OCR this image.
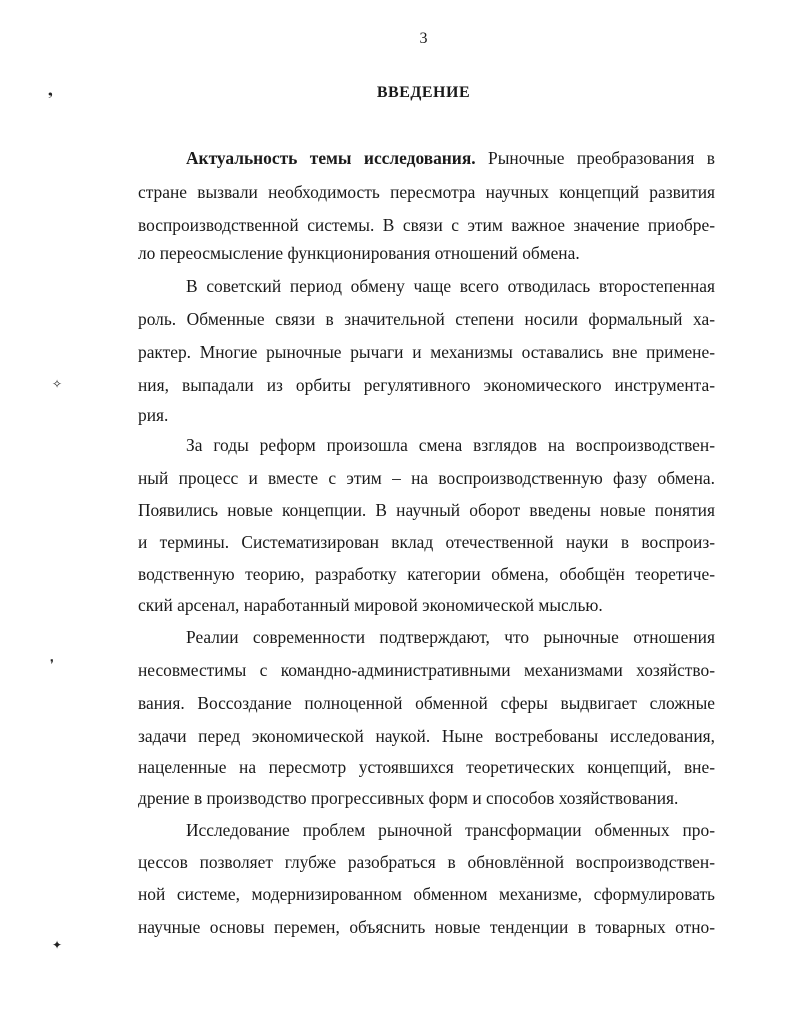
3
ВВЕДЕНИЕ
❟
✧
❜
✦
Актуальность темы исследования. Рыночные преобразования в
стране вызвали необходимость пересмотра научных концепций развития
воспроизводственной системы. В связи с этим важное значение приобре-
ло переосмысление функционирования отношений обмена.
В советский период обмену чаще всего отводилась второстепенная
роль. Обменные связи в значительной степени носили формальный ха-
рактер. Многие рыночные рычаги и механизмы оставались вне примене-
ния, выпадали из орбиты регулятивного экономического инструмента-
рия.
За годы реформ произошла смена взглядов на воспроизводствен-
ный процесс и вместе с этим – на воспроизводственную фазу обмена.
Появились новые концепции. В научный оборот введены новые понятия
и термины. Систематизирован вклад отечественной науки в воспроиз-
водственную теорию, разработку категории обмена, обобщён теоретиче-
ский арсенал, наработанный мировой экономической мыслью.
Реалии современности подтверждают, что рыночные отношения
несовместимы с командно-административными механизмами хозяйство-
вания. Воссоздание полноценной обменной сферы выдвигает сложные
задачи перед экономической наукой. Ныне востребованы исследования,
нацеленные на пересмотр устоявшихся теоретических концепций, вне-
дрение в производство прогрессивных форм и способов хозяйствования.
Исследование проблем рыночной трансформации обменных про-
цессов позволяет глубже разобраться в обновлённой воспроизводствен-
ной системе, модернизированном обменном механизме, сформулировать
научные основы перемен, объяснить новые тенденции в товарных отно-
